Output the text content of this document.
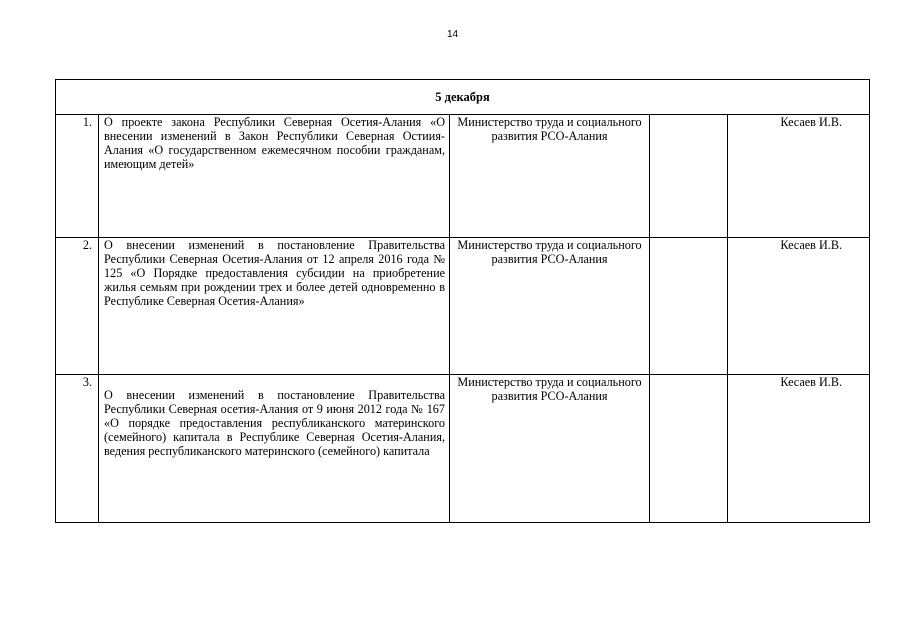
14
5 декабря				
1.	О проекте закона Республики Северная Осетия-Алания «О внесении изменений в Закон Республики Северная Остиия-Алания «О государственном ежемесячном пособии гражданам, имеющим детей»	Министерство труда и социального развития РСО-Алания		Кесаев И.В.
2.	О внесении изменений в постановление Правительства Республики Северная Осетия-Алания от 12 апреля 2016 года № 125 «О Порядке предоставления субсидии на приобретение жилья семьям при рождении трех и более детей одновременно в Республике Северная Осетия-Алания»	Министерство труда и социального развития РСО-Алания		Кесаев И.В.
3.	О внесении изменений в постановление Правительства Республики Северная осетия-Алания от 9 июня 2012 года № 167 «О порядке предоставления республиканского материнского (семейного) капитала в Республике Северная Осетия-Алания, ведения республиканского материнского (семейного) капитала	Министерство труда и социального развития РСО-Алания		Кесаев И.В.
